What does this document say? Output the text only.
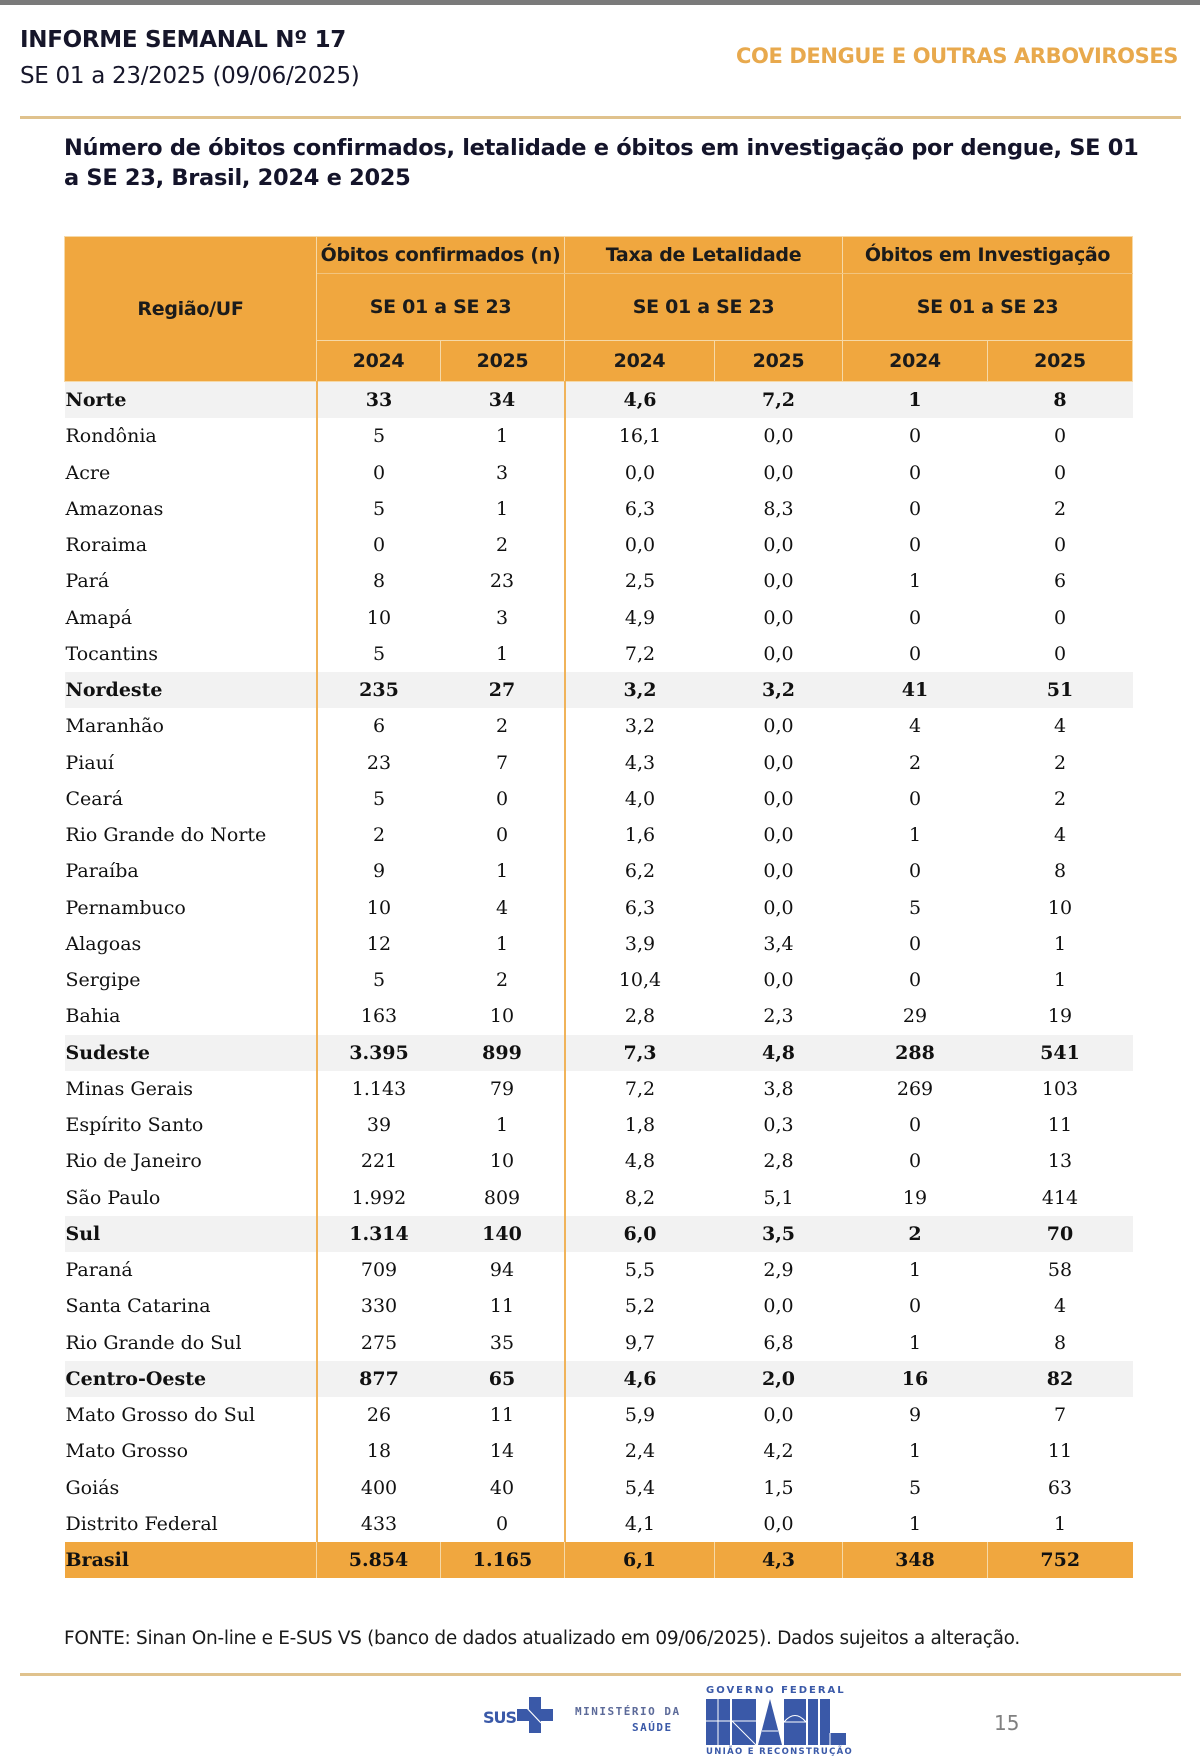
INFORME SEMANAL Nº 17
SE 01 a 23/2025 (09/06/2025)
COE DENGUE E OUTRAS ARBOVIROSES
Número de óbitos confirmados, letalidade e óbitos em investigação por dengue, SE 01 a SE 23, Brasil, 2024 e 2025
Região/UF	Óbitos confirmados (n)		Taxa de Letalidade		Óbitos em Investigação	
	SE 01 a SE 23		SE 01 a SE 23		SE 01 a SE 23	
	2024	2025	2024	2025	2024	2025
Norte	33	34	4,6	7,2	1	8
Rondônia	5	1	16,1	0,0	0	0
Acre	0	3	0,0	0,0	0	0
Amazonas	5	1	6,3	8,3	0	2
Roraima	0	2	0,0	0,0	0	0
Pará	8	23	2,5	0,0	1	6
Amapá	10	3	4,9	0,0	0	0
Tocantins	5	1	7,2	0,0	0	0
Nordeste	235	27	3,2	3,2	41	51
Maranhão	6	2	3,2	0,0	4	4
Piauí	23	7	4,3	0,0	2	2
Ceará	5	0	4,0	0,0	0	2
Rio Grande do Norte	2	0	1,6	0,0	1	4
Paraíba	9	1	6,2	0,0	0	8
Pernambuco	10	4	6,3	0,0	5	10
Alagoas	12	1	3,9	3,4	0	1
Sergipe	5	2	10,4	0,0	0	1
Bahia	163	10	2,8	2,3	29	19
Sudeste	3.395	899	7,3	4,8	288	541
Minas Gerais	1.143	79	7,2	3,8	269	103
Espírito Santo	39	1	1,8	0,3	0	11
Rio de Janeiro	221	10	4,8	2,8	0	13
São Paulo	1.992	809	8,2	5,1	19	414
Sul	1.314	140	6,0	3,5	2	70
Paraná	709	94	5,5	2,9	1	58
Santa Catarina	330	11	5,2	0,0	0	4
Rio Grande do Sul	275	35	9,7	6,8	1	8
Centro-Oeste	877	65	4,6	2,0	16	82
Mato Grosso do Sul	26	11	5,9	0,0	9	7
Mato Grosso	18	14	2,4	4,2	1	11
Goiás	400	40	5,4	1,5	5	63
Distrito Federal	433	0	4,1	0,0	1	1
Brasil	5.854	1.165	6,1	4,3	348	752
FONTE: Sinan On-line e E-SUS VS (banco de dados atualizado em 09/06/2025). Dados sujeitos a alteração.
SUS	MINISTÉRIO DA
SAÚDE
GOVERNO FEDERAL
UNIÃO E RECONSTRUÇÃO
15
